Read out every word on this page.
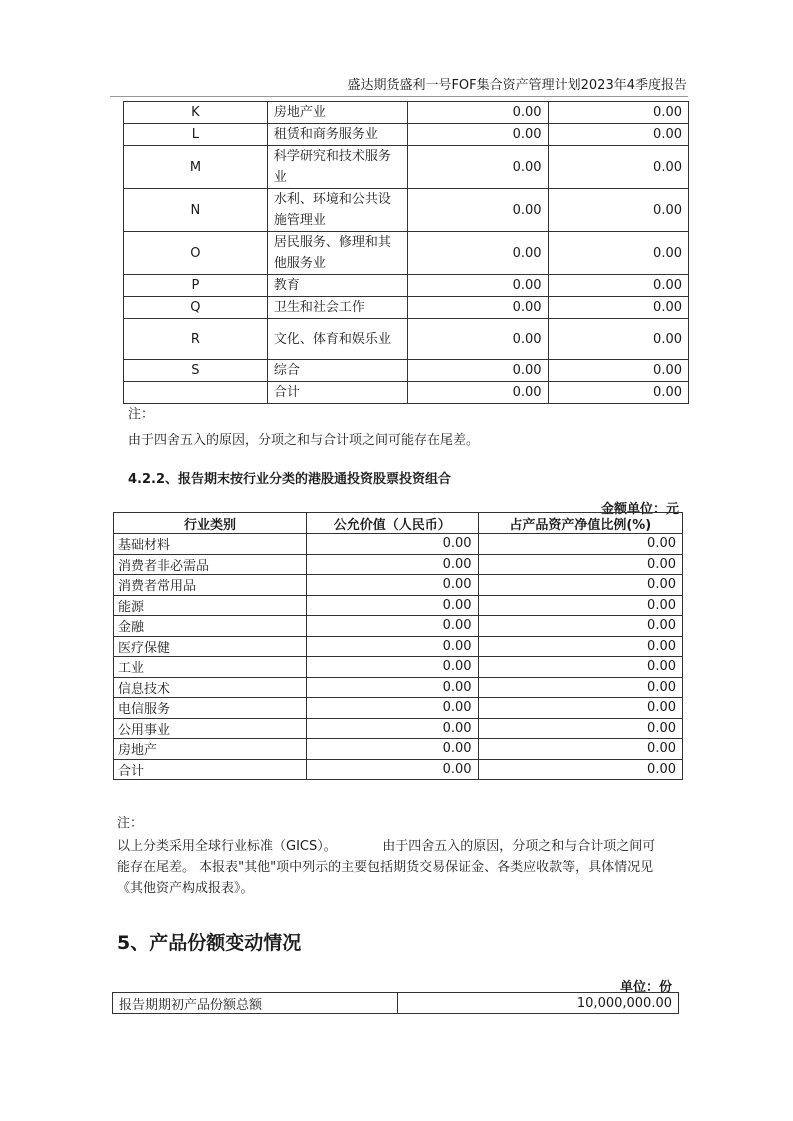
盛达期货盛利一号FOF集合资产管理计划2023年4季度报告
K	房地产业	0.00	0.00
L	租赁和商务服务业	0.00	0.00
M	科学研究和技术服务业	0.00	0.00
N	水利、环境和公共设施管理业	0.00	0.00
O	居民服务、修理和其他服务业	0.00	0.00
P	教育	0.00	0.00
Q	卫生和社会工作	0.00	0.00
R	文化、体育和娱乐业	0.00	0.00
S	综合	0.00	0.00
	合计	0.00	0.00
注：
由于四舍五入的原因，分项之和与合计项之间可能存在尾差。
4.2.2、报告期末按行业分类的港股通投资股票投资组合
金额单位：元
行业类别	公允价值（人民币）	占产品资产净值比例(%)
基础材料	0.00	0.00
消费者非必需品	0.00	0.00
消费者常用品	0.00	0.00
能源	0.00	0.00
金融	0.00	0.00
医疗保健	0.00	0.00
工业	0.00	0.00
信息技术	0.00	0.00
电信服务	0.00	0.00
公用事业	0.00	0.00
房地产	0.00	0.00
合计	0.00	0.00
注：
以上分类采用全球行业标准（GICS）。　　　　由于四舍五入的原因，分项之和与合计项之间可
能存在尾差。 本报表"其他"项中列示的主要包括期货交易保证金、各类应收款等，具体情况见
《其他资产构成报表》。
5、产品份额变动情况
单位：份
报告期期初产品份额总额	10,000,000.00
